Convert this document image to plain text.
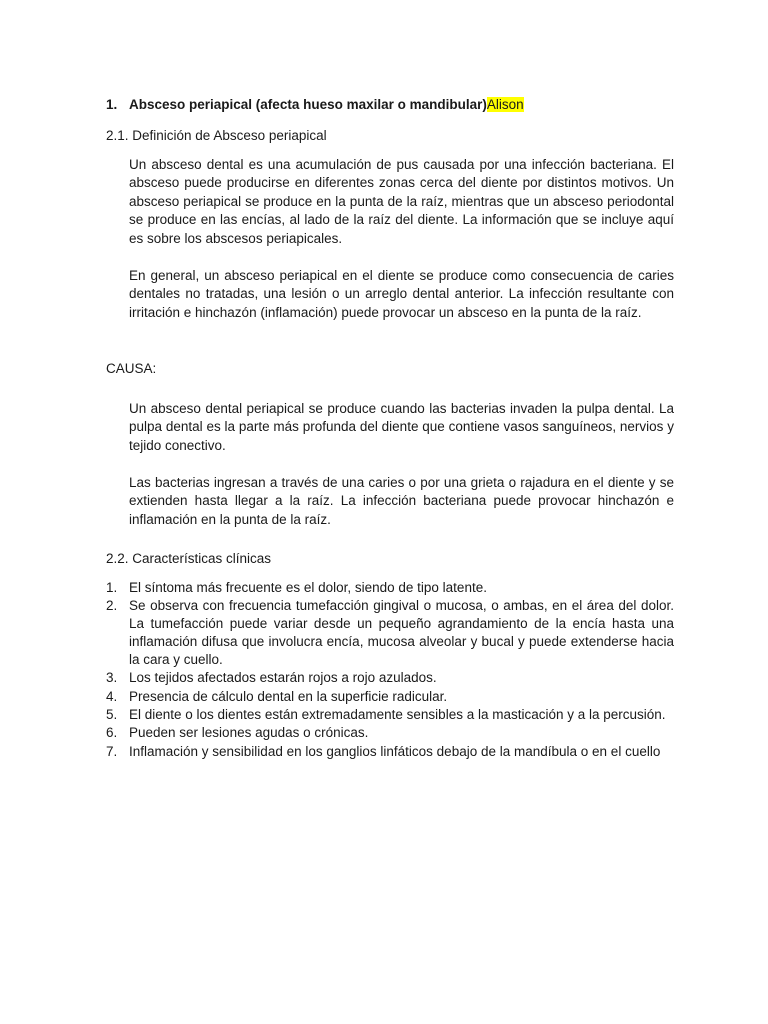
1. Absceso periapical (afecta hueso maxilar o mandibular)Alison
2.1. Definición de Absceso periapical

Un absceso dental es una acumulación de pus causada por una infección bacteriana. El absceso puede producirse en diferentes zonas cerca del diente por distintos motivos. Un absceso periapical se produce en la punta de la raíz, mientras que un absceso periodontal se produce en las encías, al lado de la raíz del diente. La información que se incluye aquí es sobre los abscesos periapicales.

En general, un absceso periapical en el diente se produce como consecuencia de caries dentales no tratadas, una lesión o un arreglo dental anterior. La infección resultante con irritación e hinchazón (inflamación) puede provocar un absceso en la punta de la raíz.

CAUSA:

Un absceso dental periapical se produce cuando las bacterias invaden la pulpa dental. La pulpa dental es la parte más profunda del diente que contiene vasos sanguíneos, nervios y tejido conectivo.

Las bacterias ingresan a través de una caries o por una grieta o rajadura en el diente y se extienden hasta llegar a la raíz. La infección bacteriana puede provocar hinchazón e inflamación en la punta de la raíz.

2.2. Características clínicas
1. El síntoma más frecuente es el dolor, siendo de tipo latente.
2. Se observa con frecuencia tumefacción gingival o mucosa, o ambas, en el área del dolor. La tumefacción puede variar desde un pequeño agrandamiento de la encía hasta una inflamación difusa que involucra encía, mucosa alveolar y bucal y puede extenderse hacia la cara y cuello.
3. Los tejidos afectados estarán rojos a rojo azulados.
4. Presencia de cálculo dental en la superficie radicular.
5. El diente o los dientes están extremadamente sensibles a la masticación y a la percusión.
6. Pueden ser lesiones agudas o crónicas.
7. Inflamación y sensibilidad en los ganglios linfáticos debajo de la mandíbula o en el cuello
